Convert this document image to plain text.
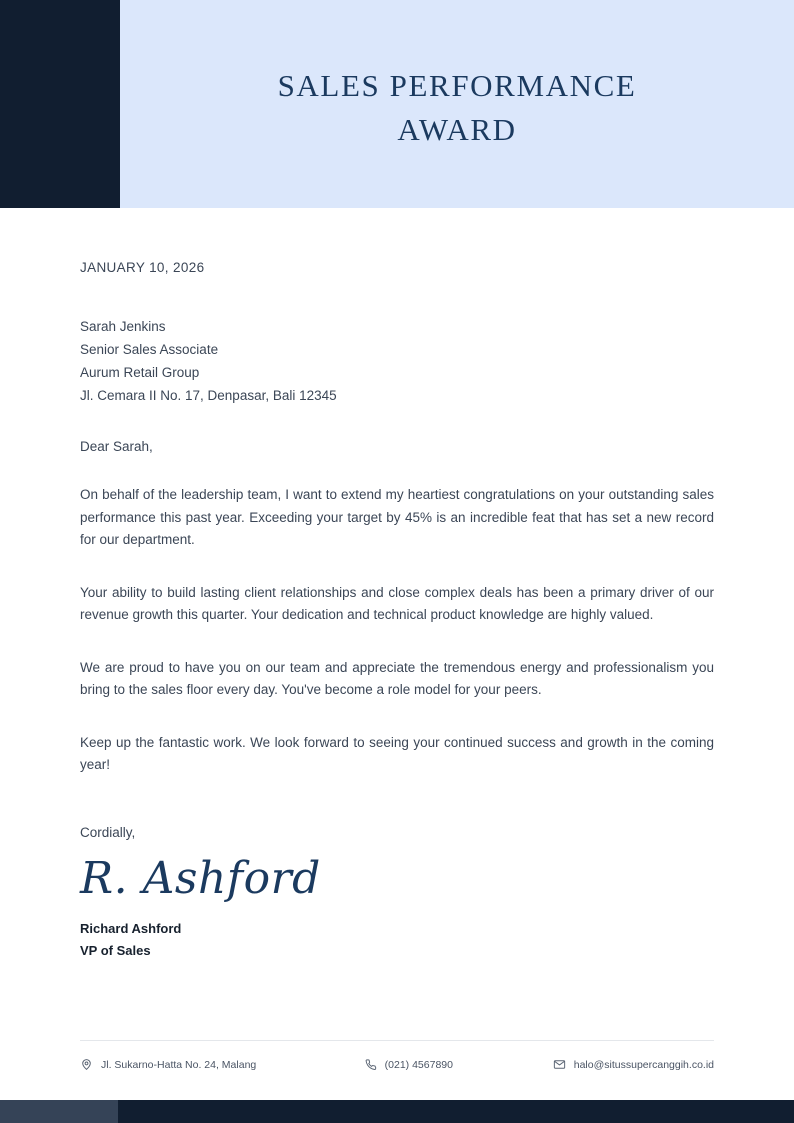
SALES PERFORMANCE
AWARD
JANUARY 10, 2026
Sarah Jenkins
Senior Sales Associate
Aurum Retail Group
Jl. Cemara II No. 17, Denpasar, Bali 12345
Dear Sarah,
On behalf of the leadership team, I want to extend my heartiest congratulations on your outstanding sales performance this past year. Exceeding your target by 45% is an incredible feat that has set a new record for our department.
Your ability to build lasting client relationships and close complex deals has been a primary driver of our revenue growth this quarter. Your dedication and technical product knowledge are highly valued.
We are proud to have you on our team and appreciate the tremendous energy and professionalism you bring to the sales floor every day. You've become a role model for your peers.
Keep up the fantastic work. We look forward to seeing your continued success and growth in the coming year!
Cordially,
R. Ashford
Richard Ashford
VP of Sales
Jl. Sukarno-Hatta No. 24, Malang	(021) 4567890	halo@situssupercanggih.co.id
